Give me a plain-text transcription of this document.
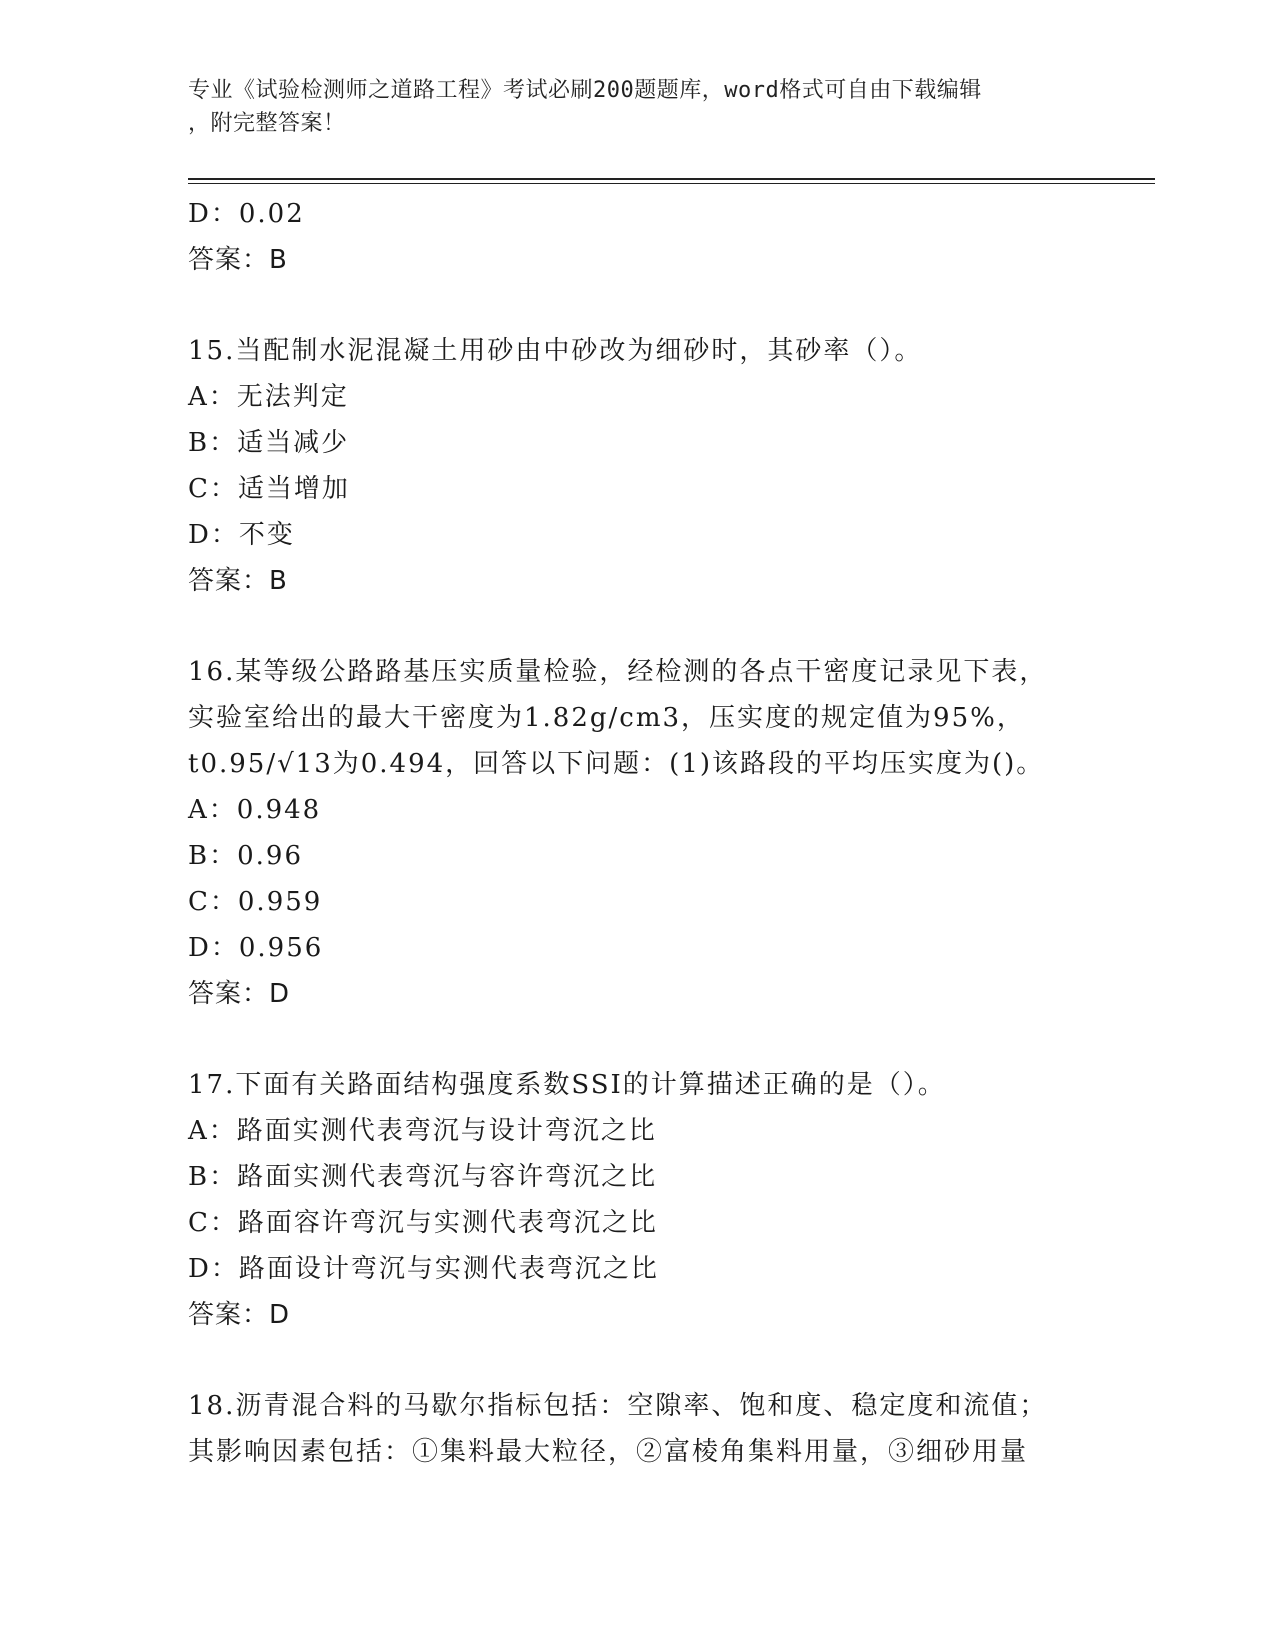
专业《试验检测师之道路工程》考试必刷200题题库，word格式可自由下载编辑
，附完整答案！
D：0.02
答案：B
15.当配制水泥混凝土用砂由中砂改为细砂时，其砂率（）。
A：无法判定
B：适当减少
C：适当增加
D：不变
答案：B
16.某等级公路路基压实质量检验，经检测的各点干密度记录见下表，
实验室给出的最大干密度为1.82g/cm3，压实度的规定值为95%，
t0.95/√13为0.494，回答以下问题：(1)该路段的平均压实度为()。
A：0.948
B：0.96
C：0.959
D：0.956
答案：D
17.下面有关路面结构强度系数SSI的计算描述正确的是（）。
A：路面实测代表弯沉与设计弯沉之比
B：路面实测代表弯沉与容许弯沉之比
C：路面容许弯沉与实测代表弯沉之比
D：路面设计弯沉与实测代表弯沉之比
答案：D
18.沥青混合料的马歇尔指标包括：空隙率、饱和度、稳定度和流值；
其影响因素包括：①集料最大粒径，②富棱角集料用量，③细砂用量
